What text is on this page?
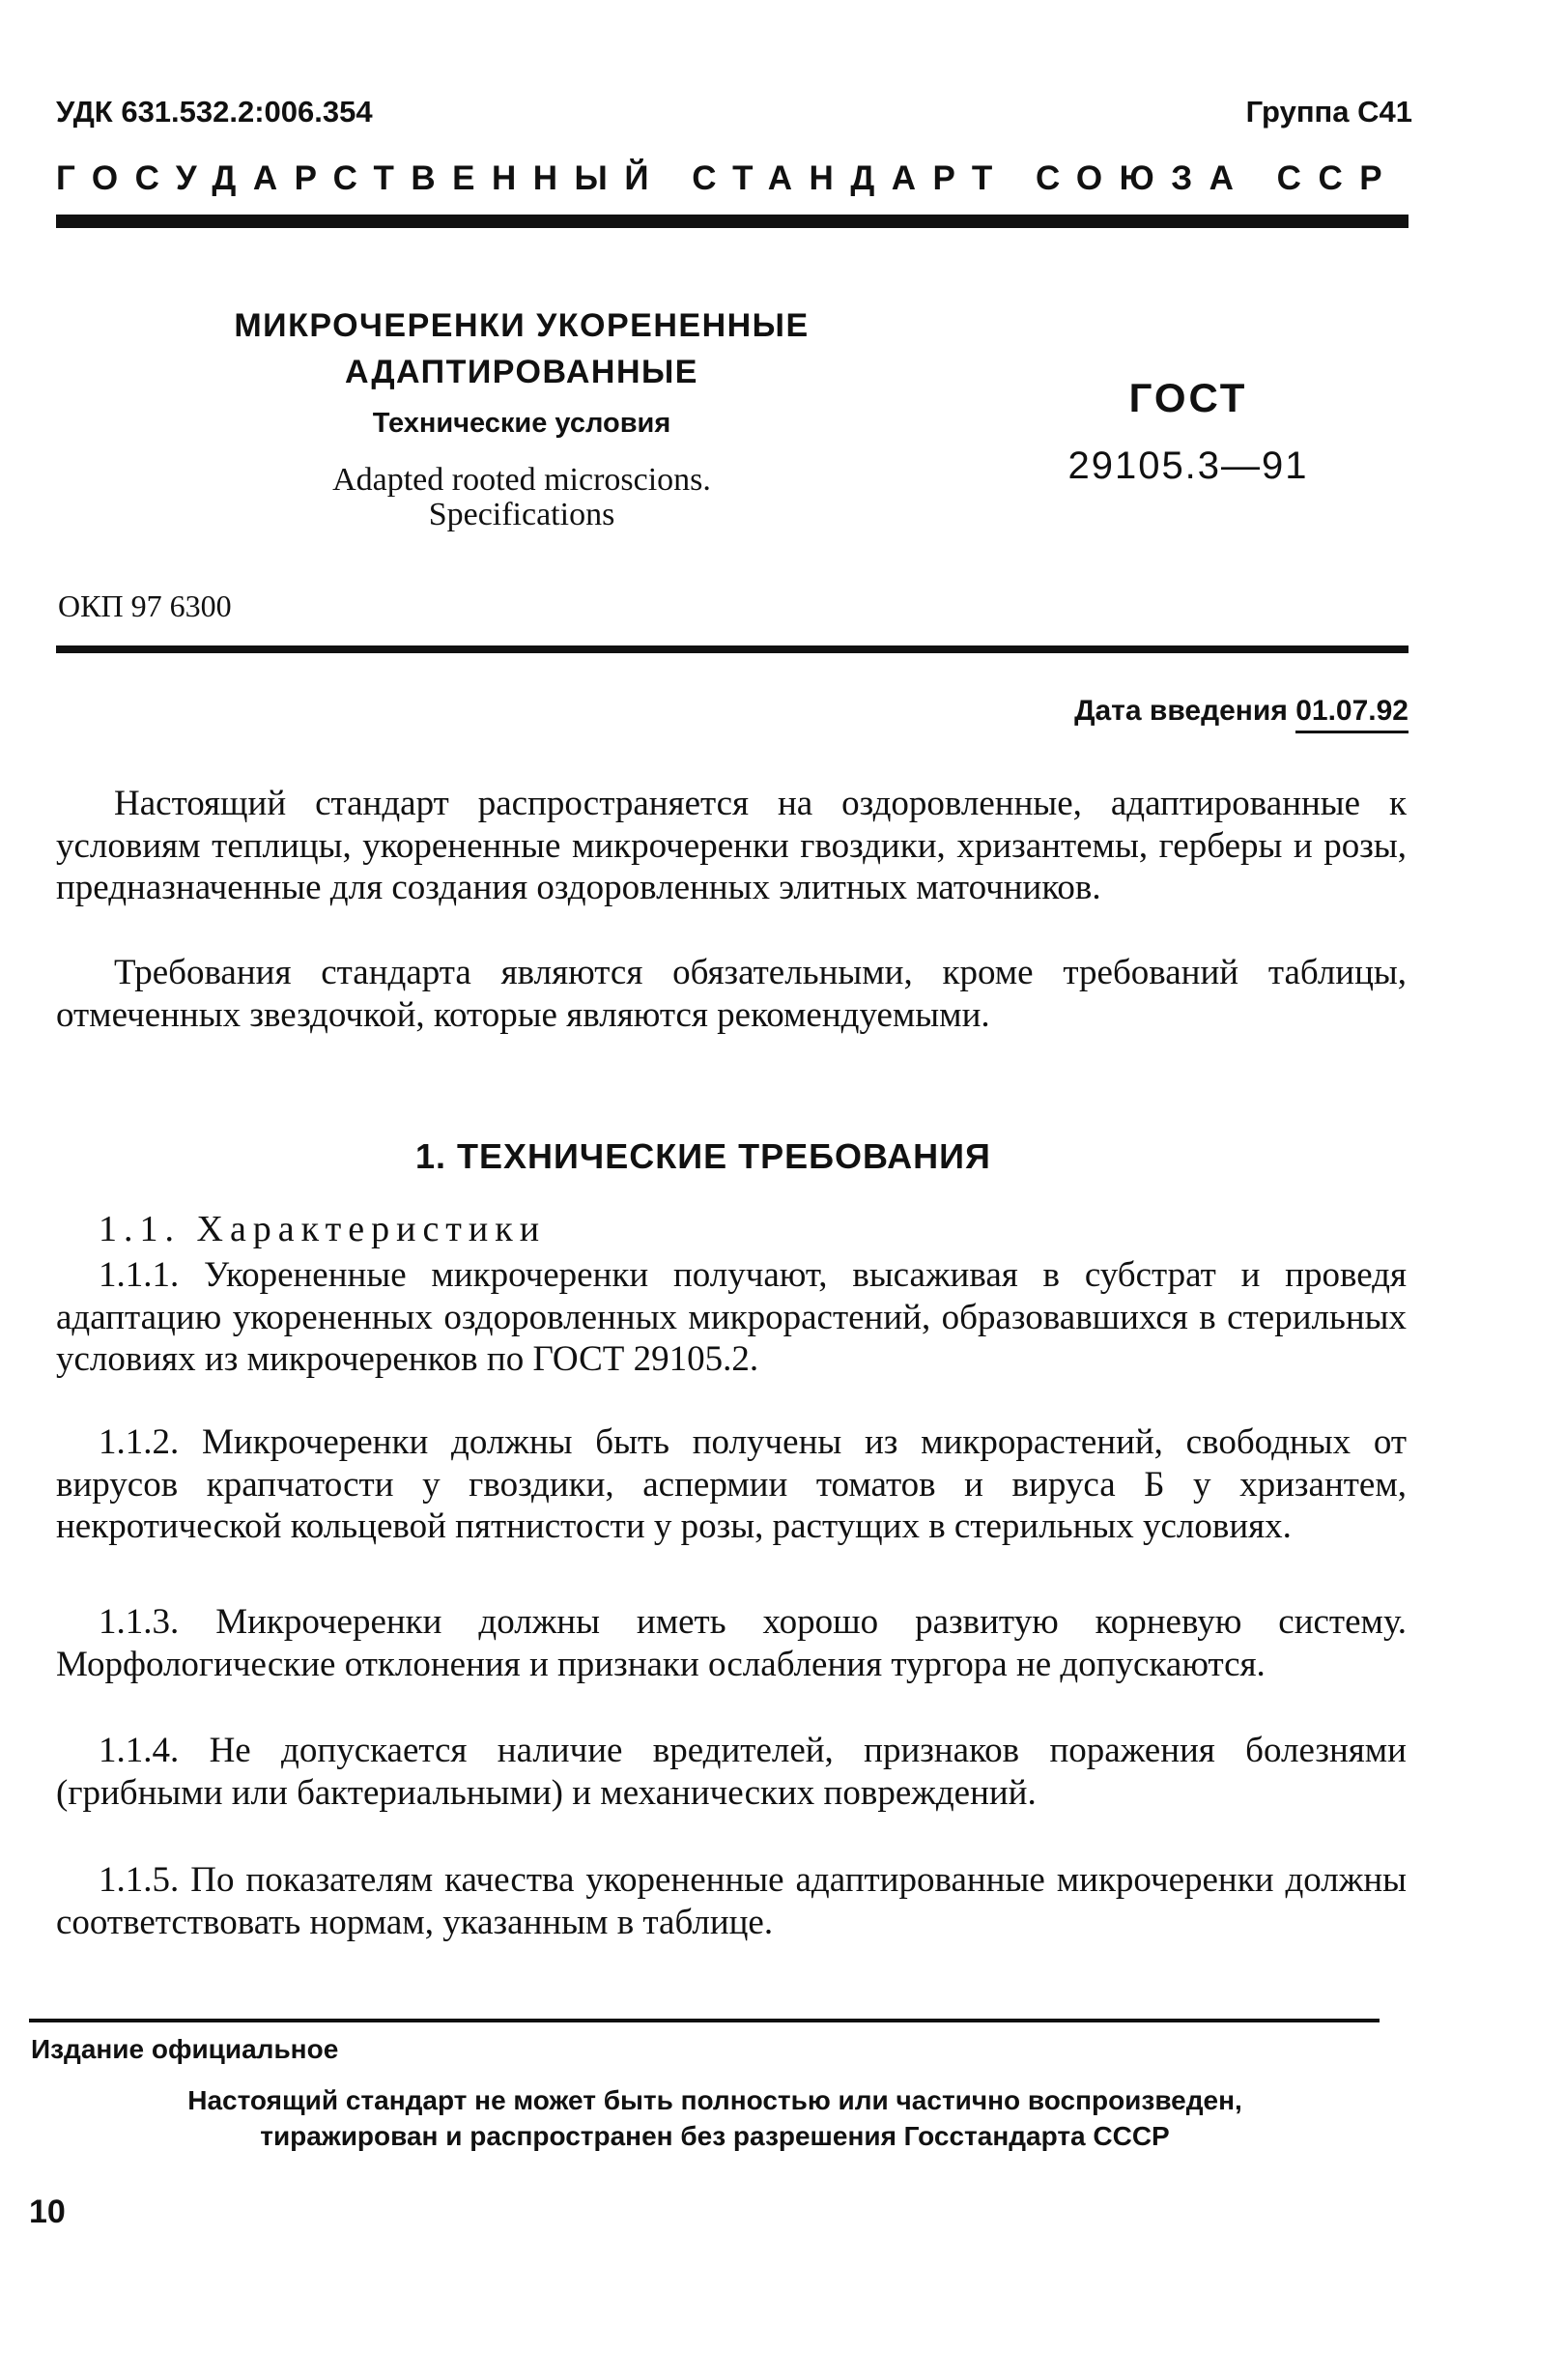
УДК 631.532.2:006.354	Группа С41
ГОСУДАРСТВЕННЫЙ СТАНДАРТ СОЮЗА ССР
МИКРОЧЕРЕНКИ УКОРЕНЕННЫЕ
АДАПТИРОВАННЫЕ
Технические условия
Adapted rooted microscions.
Specifications
ГОСТ
29105.3—91
ОКП 97 6300
Дата введения 01.07.92
Настоящий стандарт распространяется на оздоровленные, адаптированные к условиям теплицы, укорененные микрочеренки гвоздики, хризантемы, герберы и розы, предназначенные для создания оздоровленных элитных маточников.
Требования стандарта являются обязательными, кроме требований таблицы, отмеченных звездочкой, которые являются рекомендуемыми.
1. ТЕХНИЧЕСКИЕ ТРЕБОВАНИЯ
1.1. Характеристики
1.1.1. Укорененные микрочеренки получают, высаживая в субстрат и проведя адаптацию укорененных оздоровленных микрорастений, образовавшихся в стерильных условиях из микрочеренков по ГОСТ 29105.2.
1.1.2. Микрочеренки должны быть получены из микрорастений, свободных от вирусов крапчатости у гвоздики, аспермии томатов и вируса Б у хризантем, некротической кольцевой пятнистости у розы, растущих в стерильных условиях.
1.1.3. Микрочеренки должны иметь хорошо развитую корневую систему. Морфологические отклонения и признаки ослабления тургора не допускаются.
1.1.4. Не допускается наличие вредителей, признаков поражения болезнями (грибными или бактериальными) и механических повреждений.
1.1.5. По показателям качества укорененные адаптированные микрочеренки должны соответствовать нормам, указанным в таблице.
Издание официальное
Настоящий стандарт не может быть полностью или частично воспроизведен,
тиражирован и распространен без разрешения Госстандарта СССР
10
